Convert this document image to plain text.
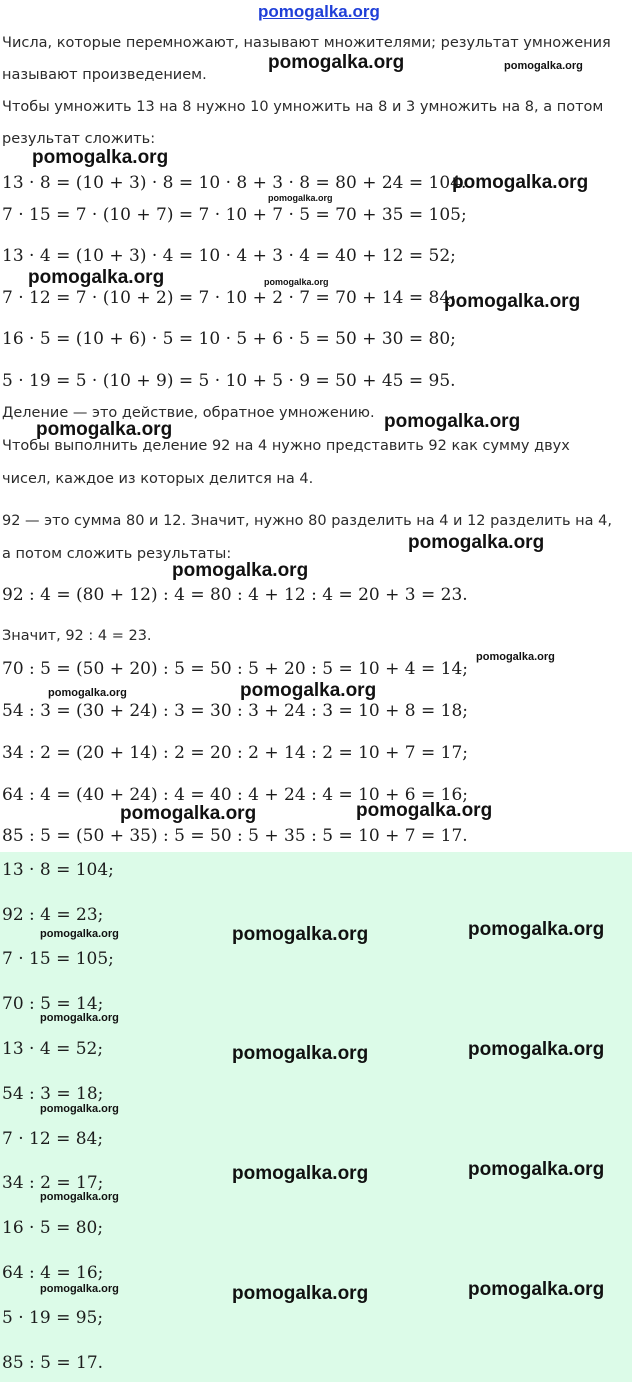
pomogalka.org
Числа, которые перемножают, называют множителями; результат умножения
называют произведением.
Чтобы умножить 13 на 8 нужно 10 умножить на 8 и 3 умножить на 8, а потом
результат сложить:
13 · 8 = (10 + 3) · 8 = 10 · 8 + 3 · 8 = 80 + 24 = 104.
7 · 15 = 7 · (10 + 7) = 7 · 10 + 7 · 5 = 70 + 35 = 105;
13 · 4 = (10 + 3) · 4 = 10 · 4 + 3 · 4 = 40 + 12 = 52;
7 · 12 = 7 · (10 + 2) = 7 · 10 + 2 · 7 = 70 + 14 = 84;
16 · 5 = (10 + 6) · 5 = 10 · 5 + 6 · 5 = 50 + 30 = 80;
5 · 19 = 5 · (10 + 9) = 5 · 10 + 5 · 9 = 50 + 45 = 95.
Деление — это действие, обратное умножению.
Чтобы выполнить деление 92 на 4 нужно представить 92 как сумму двух
чисел, каждое из которых делится на 4.
92 — это сумма 80 и 12. Значит, нужно 80 разделить на 4 и 12 разделить на 4,
а потом сложить результаты:
92 : 4 = (80 + 12) : 4 = 80 : 4 + 12 : 4 = 20 + 3 = 23.
Значит, 92 : 4 = 23.
70 : 5 = (50 + 20) : 5 = 50 : 5 + 20 : 5 = 10 + 4 = 14;
54 : 3 = (30 + 24) : 3 = 30 : 3 + 24 : 3 = 10 + 8 = 18;
34 : 2 = (20 + 14) : 2 = 20 : 2 + 14 : 2 = 10 + 7 = 17;
64 : 4 = (40 + 24) : 4 = 40 : 4 + 24 : 4 = 10 + 6 = 16;
85 : 5 = (50 + 35) : 5 = 50 : 5 + 35 : 5 = 10 + 7 = 17.
13 · 8 = 104;
92 : 4 = 23;
7 · 15 = 105;
70 : 5 = 14;
13 · 4 = 52;
54 : 3 = 18;
7 · 12 = 84;
34 : 2 = 17;
16 · 5 = 80;
64 : 4 = 16;
5 · 19 = 95;
85 : 5 = 17.
pomogalka.org	pomogalka.org
pomogalka.org
pomogalka.org
pomogalka.org
pomogalka.org	pomogalka.org
pomogalka.org
pomogalka.org
pomogalka.org
pomogalka.org
pomogalka.org
pomogalka.org
pomogalka.org
pomogalka.org
pomogalka.org
pomogalka.org
pomogalka.org	pomogalka.org	pomogalka.org
pomogalka.org
pomogalka.org	pomogalka.org
pomogalka.org
pomogalka.org	pomogalka.org
pomogalka.org
pomogalka.org	pomogalka.org	pomogalka.org
